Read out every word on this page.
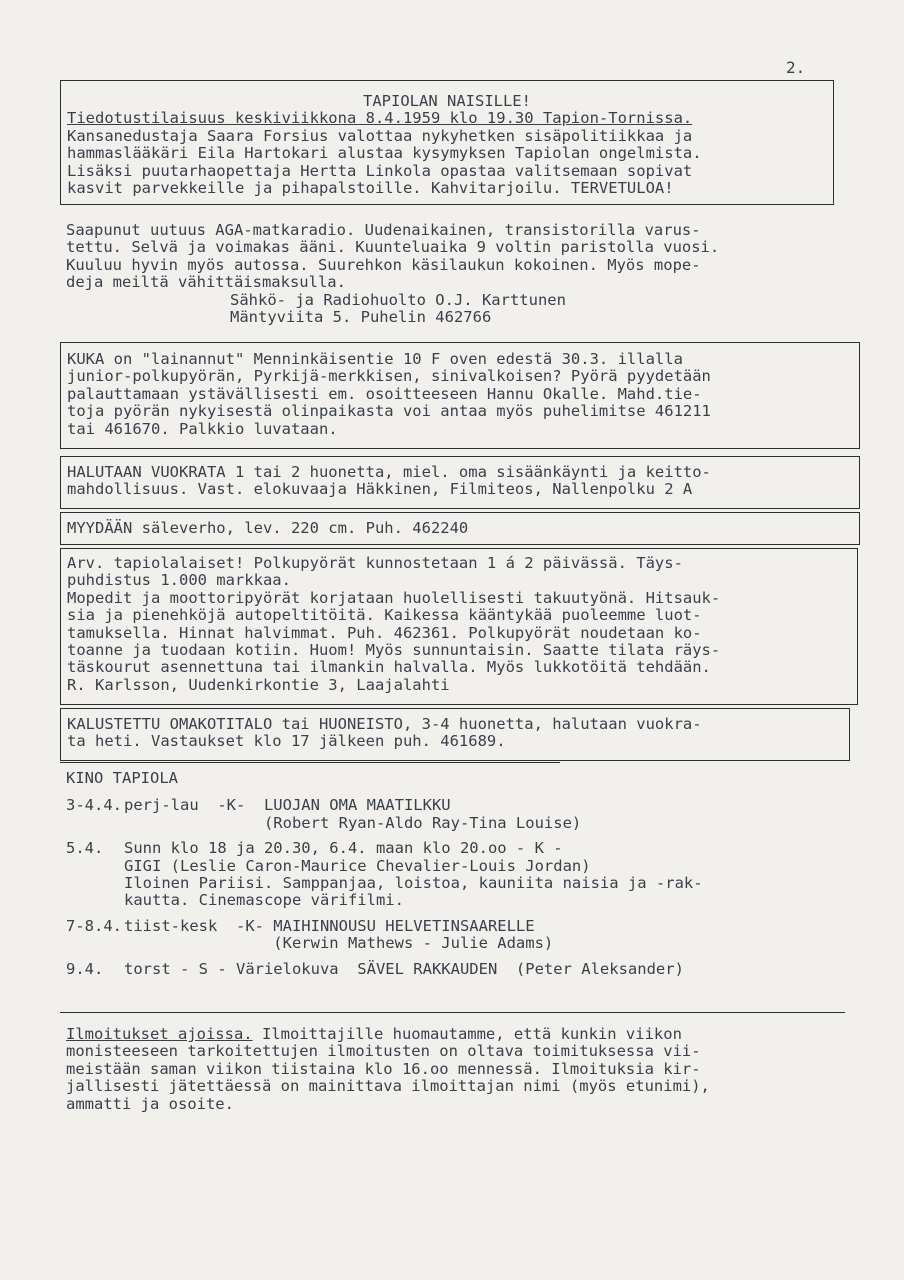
2.
TAPIOLAN NAISILLE!
Tiedotustilaisuus keskiviikkona 8.4.1959 klo 19.30 Tapion-Tornissa.
Kansanedustaja Saara Forsius valottaa nykyhetken sisäpolitiikkaa ja
hammaslääkäri Eila Hartokari alustaa kysymyksen Tapiolan ongelmista.
Lisäksi puutarhaopettaja Hertta Linkola opastaa valitsemaan sopivat
kasvit parvekkeille ja pihapalstoille. Kahvitarjoilu. TERVETULOA!
Saapunut uutuus AGA-matkaradio. Uudenaikainen, transistorilla varus-
tettu. Selvä ja voimakas ääni. Kuunteluaika 9 voltin paristolla vuosi.
Kuuluu hyvin myös autossa. Suurehkon käsilaukun kokoinen. Myös mope-
deja meiltä vähittäismaksulla.
Sähkö- ja Radiohuolto O.J. Karttunen
Mäntyviita 5. Puhelin 462766
KUKA on "lainannut" Menninkäisentie 10 F oven edestä 30.3. illalla
junior-polkupyörän, Pyrkijä-merkkisen, sinivalkoisen? Pyörä pyydetään
palauttamaan ystävällisesti em. osoitteeseen Hannu Okalle. Mahd.tie-
toja pyörän nykyisestä olinpaikasta voi antaa myös puhelimitse 461211
tai 461670. Palkkio luvataan.
HALUTAAN VUOKRATA 1 tai 2 huonetta, miel. oma sisäänkäynti ja keitto-
mahdollisuus. Vast. elokuvaaja Häkkinen, Filmiteos, Nallenpolku 2 A
MYYDÄÄN säleverho, lev. 220 cm. Puh. 462240
Arv. tapiolalaiset! Polkupyörät kunnostetaan 1 á 2 päivässä. Täys-
puhdistus 1.000 markkaa.
Mopedit ja moottoripyörät korjataan huolellisesti takuutyönä. Hitsauk-
sia ja pienehköjä autopeltitöitä. Kaikessa kääntykää puoleemme luot-
tamuksella. Hinnat halvimmat. Puh. 462361. Polkupyörät noudetaan ko-
toanne ja tuodaan kotiin. Huom! Myös sunnuntaisin. Saatte tilata räys-
täskourut asennettuna tai ilmankin halvalla. Myös lukkotöitä tehdään.
R. Karlsson, Uudenkirkontie 3, Laajalahti
KALUSTETTU OMAKOTITALO tai HUONEISTO, 3-4 huonetta, halutaan vuokra-
ta heti. Vastaukset klo 17 jälkeen puh. 461689.
KINO TAPIOLA
3-4.4. perj-lau  -K-  LUOJAN OMA MAATILKKU
(Robert Ryan-Aldo Ray-Tina Louise)
5.4.	Sunn klo 18 ja 20.30, 6.4. maan klo 20.oo - K -
GIGI (Leslie Caron-Maurice Chevalier-Louis Jordan)
Iloinen Pariisi. Samppanjaa, loistoa, kauniita naisia ja -rak-
kautta. Cinemascope värifilmi.
7-8.4. tiist-kesk  -K- MAIHINNOUSU HELVETINSAARELLE
(Kerwin Mathews - Julie Adams)
9.4.	torst - S - Värielokuva  SÄVEL RAKKAUDEN  (Peter Aleksander)
Ilmoitukset ajoissa. Ilmoittajille huomautamme, että kunkin viikon
monisteeseen tarkoitettujen ilmoitusten on oltava toimituksessa vii-
meistään saman viikon tiistaina klo 16.oo mennessä. Ilmoituksia kir-
jallisesti jätettäessä on mainittava ilmoittajan nimi (myös etunimi),
ammatti ja osoite.
